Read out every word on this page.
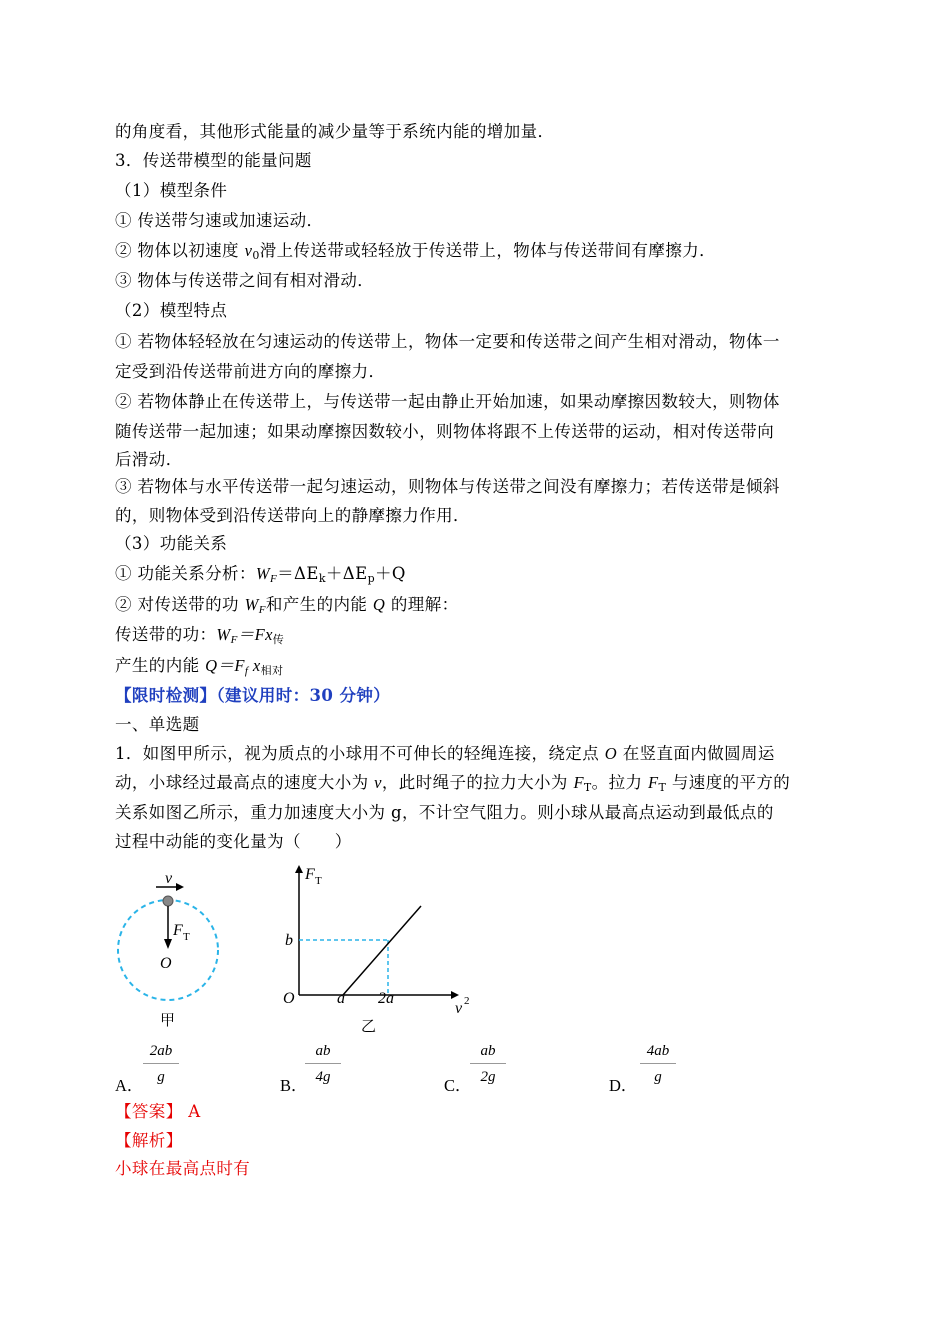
的角度看，其他形式能量的减少量等于系统内能的增加量．
3．传送带模型的能量问题
（1）模型条件
① 传送带匀速或加速运动．
② 物体以初速度 $v_0$滑上传送带或轻轻放于传送带上，物体与传送带间有摩擦力．
③ 物体与传送带之间有相对滑动．
（2）模型特点
① 若物体轻轻放在匀速运动的传送带上，物体一定要和传送带之间产生相对滑动，物体一
定受到沿传送带前进方向的摩擦力．
② 若物体静止在传送带上，与传送带一起由静止开始加速，如果动摩擦因数较大，则物体
随传送带一起加速；如果动摩擦因数较小，则物体将跟不上传送带的运动，相对传送带向
后滑动．
③ 若物体与水平传送带一起匀速运动，则物体与传送带之间没有摩擦力；若传送带是倾斜
的，则物体受到沿传送带向上的静摩擦力作用．
（3）功能关系
① 功能关系分析：$W_F=\Delta E_k+\Delta E_p+Q$
② 对传送带的功 $W_F$和产生的内能 Q 的理解：
传送带的功：$W_F=Fx_传$
产生的内能 $Q=F_f$ $x_{相对}$
【限时检测】（建议用时：30 分钟）
一、单选题
1．如图甲所示，视为质点的小球用不可伸长的轻绳连接，绕定点 O 在竖直面内做圆周运
动，小球经过最高点的速度大小为 v，此时绳子的拉力大小为 $F_T$。拉力 $F_T$ 与速度的平方的
关系如图乙所示，重力加速度大小为 g，不计空气阻力。则小球从最高点运动到最低点的
过程中动能的变化量为（　　）
v
F T
O
甲
F T
v 2
b
O	a 2a
乙
A．
2ab
g	B．
ab
4g	C．
ab
2g	D．
4ab
g
【答案】 A
【解析】
小球在最高点时有
